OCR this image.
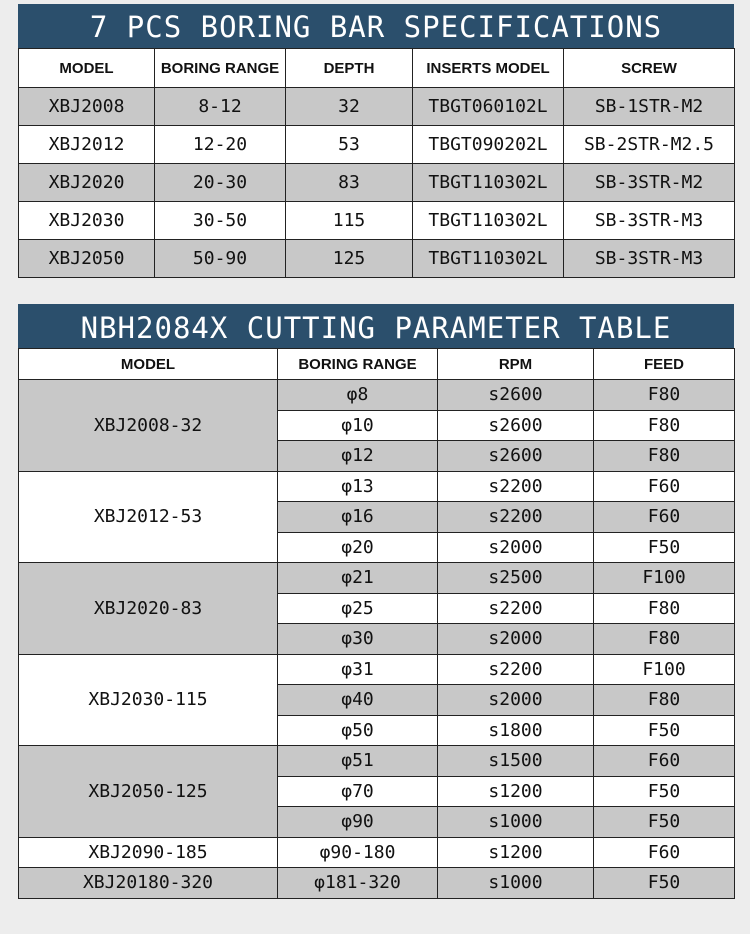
7 PCS BORING BAR SPECIFICATIONS
MODEL	BORING RANGE	DEPTH	INSERTS MODEL	SCREW
XBJ2008	8-12	32	TBGT060102L	SB-1STR-M2
XBJ2012	12-20	53	TBGT090202L	SB-2STR-M2.5
XBJ2020	20-30	83	TBGT110302L	SB-3STR-M2
XBJ2030	30-50	115	TBGT110302L	SB-3STR-M3
XBJ2050	50-90	125	TBGT110302L	SB-3STR-M3
NBH2084X CUTTING PARAMETER TABLE
MODEL	BORING RANGE	RPM	FEED
XBJ2008-32	φ8	s2600	F80
	φ10	s2600	F80
	φ12	s2600	F80
XBJ2012-53	φ13	s2200	F60
	φ16	s2200	F60
	φ20	s2000	F50
XBJ2020-83	φ21	s2500	F100
	φ25	s2200	F80
	φ30	s2000	F80
XBJ2030-115	φ31	s2200	F100
	φ40	s2000	F80
	φ50	s1800	F50
XBJ2050-125	φ51	s1500	F60
	φ70	s1200	F50
	φ90	s1000	F50
XBJ2090-185	φ90-180	s1200	F60
XBJ20180-320	φ181-320	s1000	F50
